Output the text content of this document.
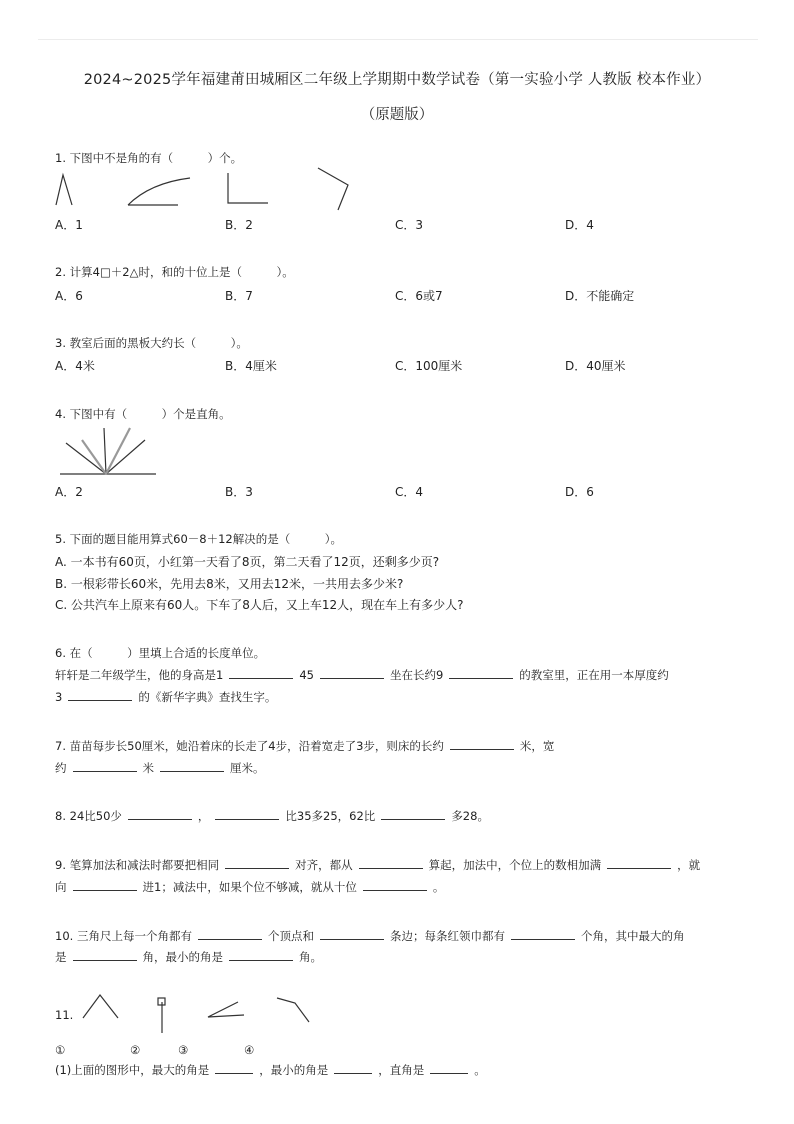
2024~2025学年福建莆田城厢区二年级上学期期中数学试卷（第一实验小学 人教版 校本作业）
（原题版）
1. 下图中不是角的有（　　　）个。
A．1	B．2	C．3	D．4
2. 计算4□＋2△时，和的十位上是（　　　）。
A．6	B．7	C．6或7	D．不能确定
3. 教室后面的黑板大约长（　　　）。
A．4米	B．4厘米	C．100厘米	D．40厘米
4. 下图中有（　　　）个是直角。
A．2	B．3	C．4	D．6
5. 下面的题目能用算式60－8＋12解决的是（　　　）。
A. 一本书有60页，小红第一天看了8页，第二天看了12页，还剩多少页?
B. 一根彩带长60米，先用去8米，又用去12米，一共用去多少米?
C. 公共汽车上原来有60人。下车了8人后，又上车12人，现在车上有多少人?
6. 在（　　　）里填上合适的长度单位。
轩轩是二年级学生，他的身高是1	45	坐在长约9	的教室里，正在用一本厚度约
3	的《新华字典》查找生字。
7. 苗苗每步长50厘米，她沿着床的长走了4步，沿着宽走了3步，则床的长约	米，宽
约	米	厘米。
8. 24比50少	，	比35多25，62比	多28。
9. 笔算加法和减法时都要把相同	对齐，都从	算起，加法中，个位上的数相加满	，就
向	进1；减法中，如果个位不够减，就从十位	。
10. 三角尺上每一个角都有	个顶点和	条边；每条红领巾都有	个角，其中最大的角
是	角，最小的角是	角。
11.
①	②	③	④
(1)上面的图形中，最大的角是	，最小的角是	，直角是	。
